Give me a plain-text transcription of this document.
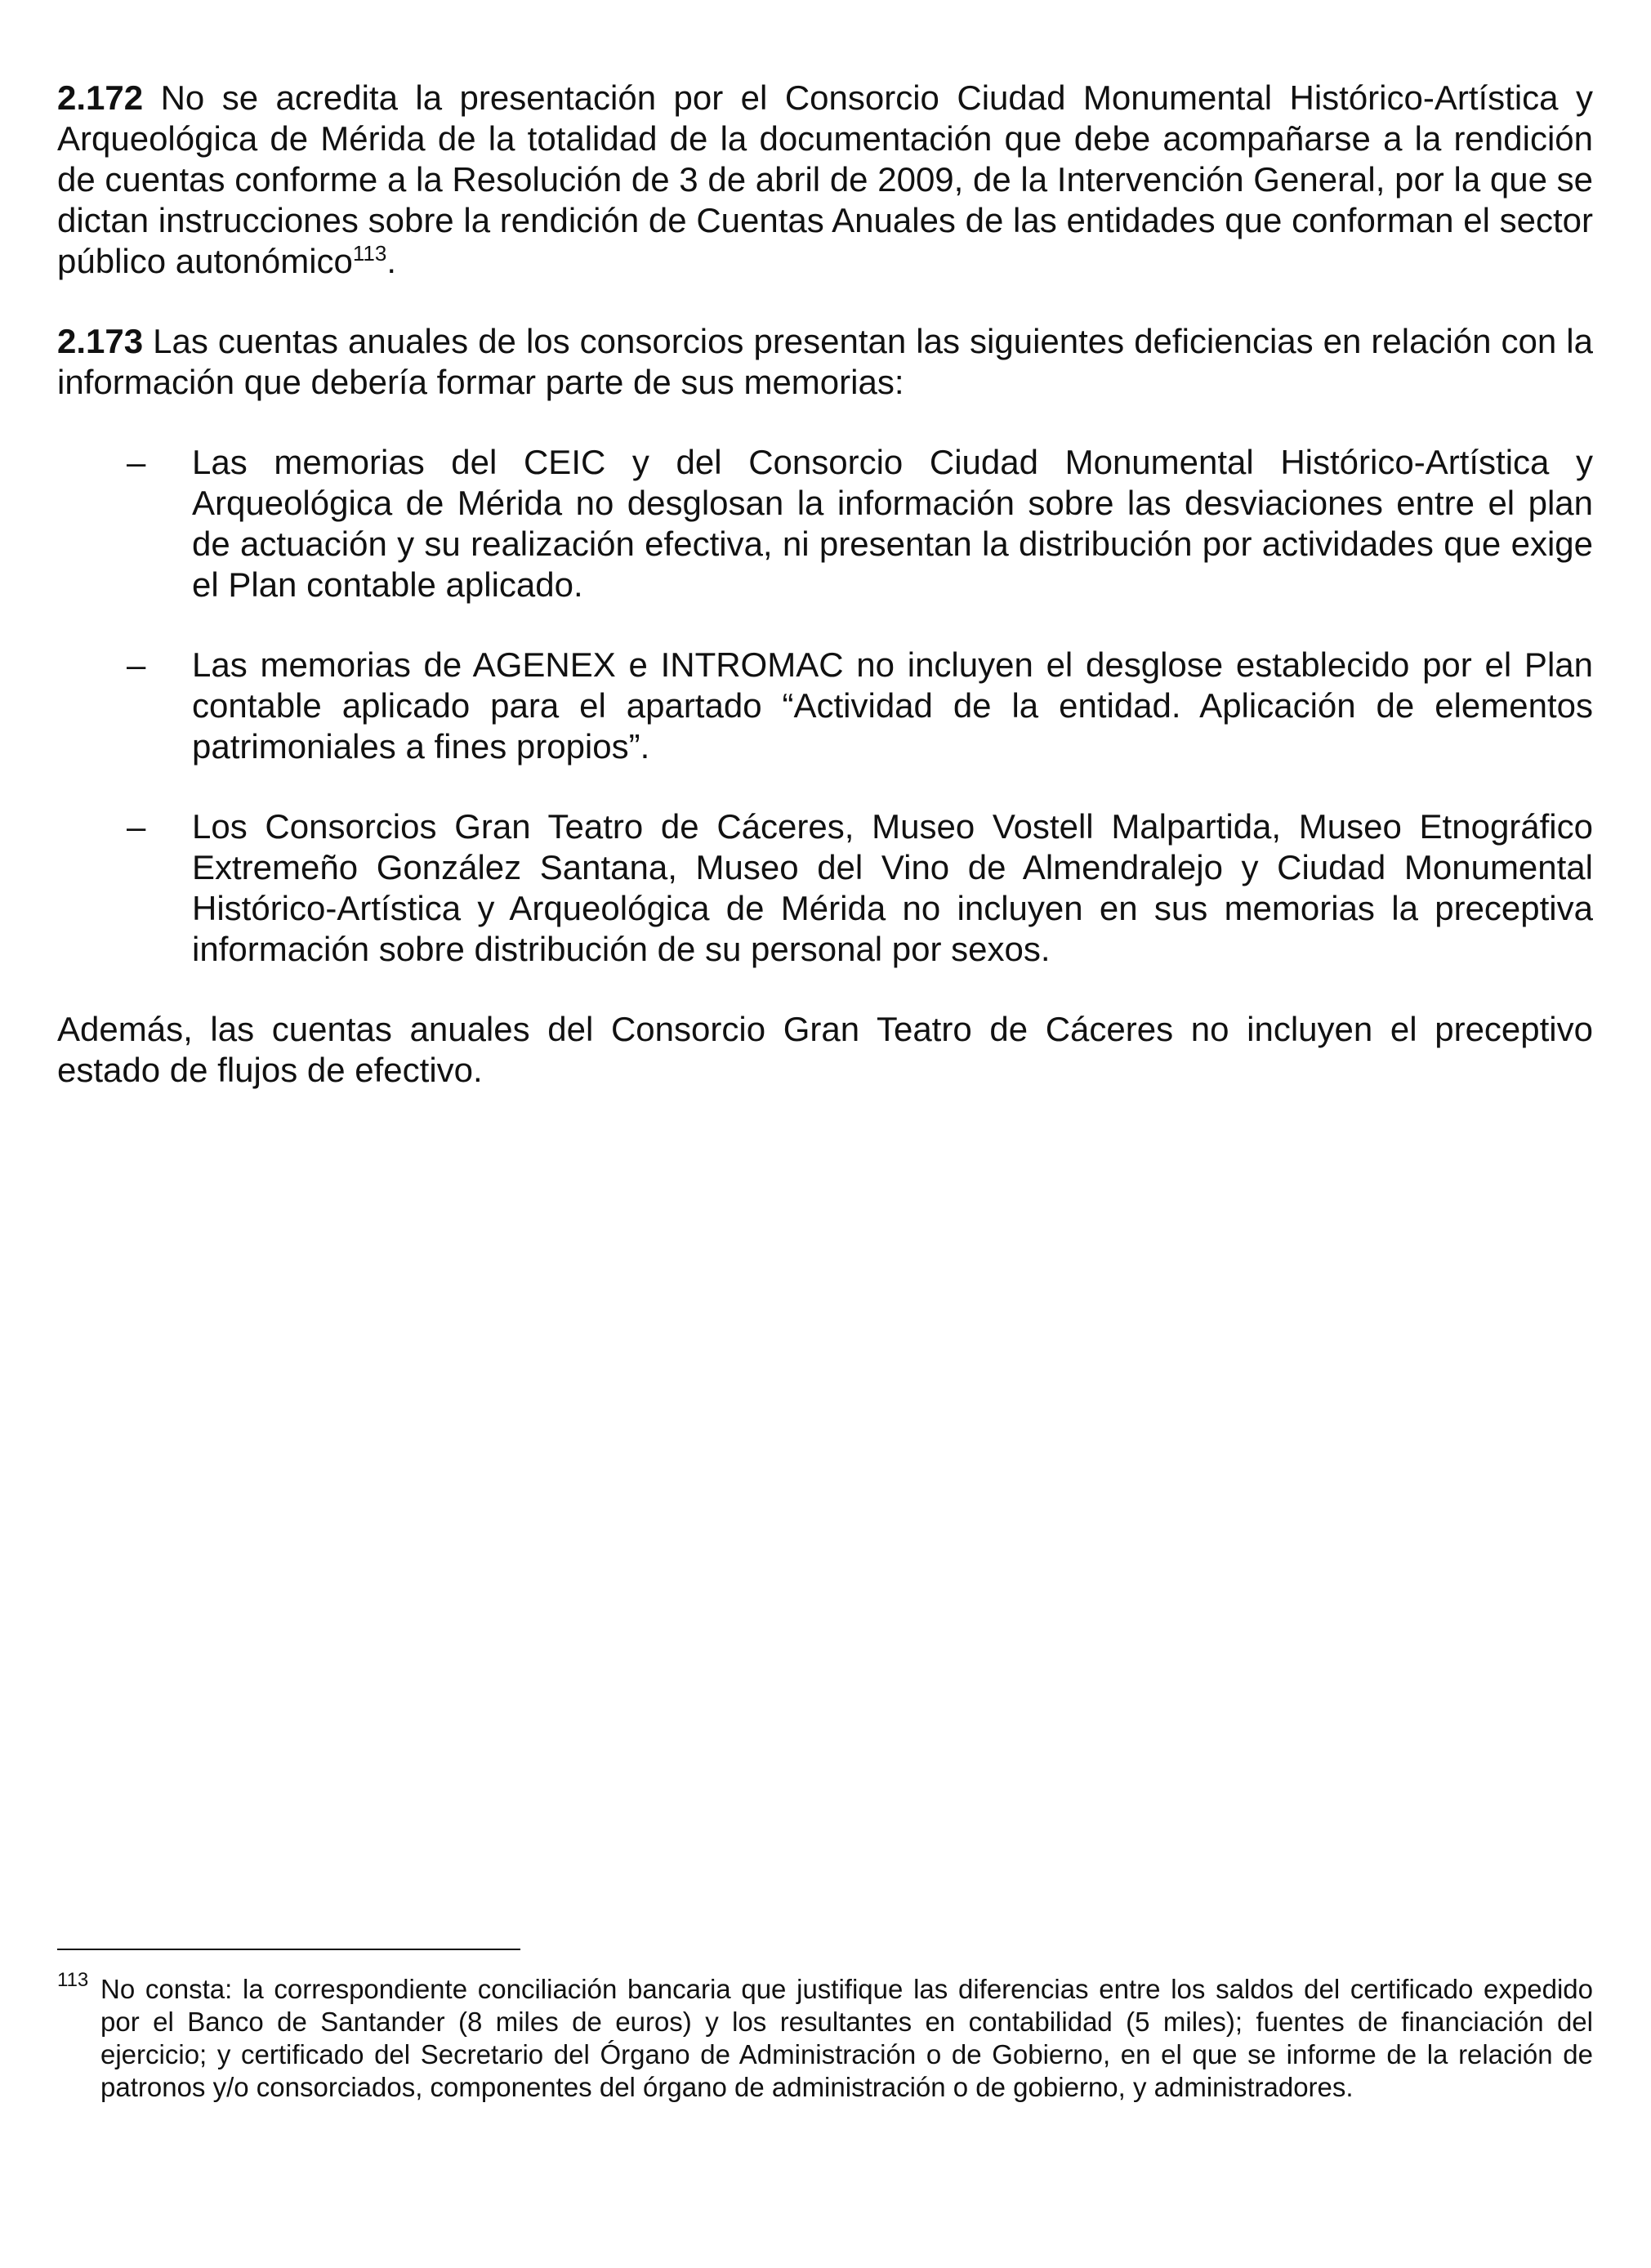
2.172 No se acredita la presentación por el Consorcio Ciudad Monumental Histórico-Artística y Arqueológica de Mérida de la totalidad de la documentación que debe acompañarse a la rendición de cuentas conforme a la Resolución de 3 de abril de 2009, de la Intervención General, por la que se dictan instrucciones sobre la rendición de Cuentas Anuales de las entidades que conforman el sector público autonómico$^{113}$.

2.173 Las cuentas anuales de los consorcios presentan las siguientes deficiencias en relación con la información que debería formar parte de sus memorias:

– Las memorias del CEIC y del Consorcio Ciudad Monumental Histórico-Artística y Arqueológica de Mérida no desglosan la información sobre las desviaciones entre el plan de actuación y su realización efectiva, ni presentan la distribución por actividades que exige el Plan contable aplicado.
– Las memorias de AGENEX e INTROMAC no incluyen el desglose establecido por el Plan contable aplicado para el apartado “Actividad de la entidad. Aplicación de elementos patrimoniales a fines propios”.
– Los Consorcios Gran Teatro de Cáceres, Museo Vostell Malpartida, Museo Etnográfico Extremeño González Santana, Museo del Vino de Almendralejo y Ciudad Monumental Histórico-Artística y Arqueológica de Mérida no incluyen en sus memorias la preceptiva información sobre distribución de su personal por sexos.

Además, las cuentas anuales del Consorcio Gran Teatro de Cáceres no incluyen el preceptivo estado de flujos de efectivo.

113 No consta: la correspondiente conciliación bancaria que justifique las diferencias entre los saldos del certificado expedido por el Banco de Santander (8 miles de euros) y los resultantes en contabilidad (5 miles); fuentes de financiación del ejercicio; y certificado del Secretario del Órgano de Administración o de Gobierno, en el que se informe de la relación de patronos y/o consorciados, componentes del órgano de administración o de gobierno, y administradores.
